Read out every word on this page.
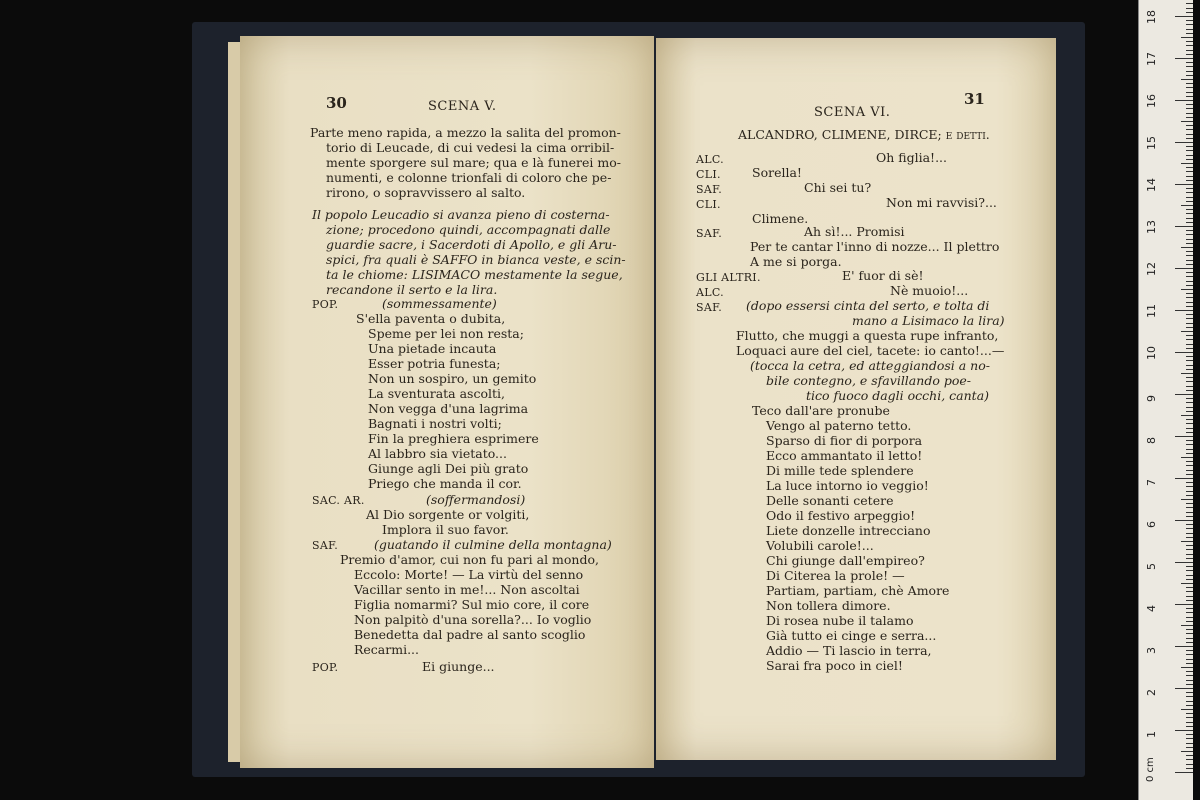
30	SCENA V.
Parte meno rapida, a mezzo la salita del promon-
torio di Leucade, di cui vedesi la cima orribil-
mente sporgere sul mare; qua e là funerei mo-
numenti, e colonne trionfali di coloro che pe-
rirono, o sopravvissero al salto.
Il popolo Leucadio si avanza pieno di costerna-
zione; procedono quindi, accompagnati dalle
guardie sacre, i Sacerdoti di Apollo, e gli Aru-
spici, fra quali è SAFFO in bianca veste, e scin-
ta le chiome: LISIMACO mestamente la segue,
recandone il serto e la lira.
POP.	(sommessamente)
S'ella paventa o dubita,
Speme per lei non resta;
Una pietade incauta
Esser potria funesta;
Non un sospiro, un gemito
La sventurata ascolti,
Non vegga d'una lagrima
Bagnati i nostri volti;
Fin la preghiera esprimere
Al labbro sia vietato...
Giunge agli Dei più grato
Priego che manda il cor.
SAC. AR.	(soffermandosi)
Al Dio sorgente or volgiti,
Implora il suo favor.
SAF.	(guatando il culmine della montagna)
Premio d'amor, cui non fu pari al mondo,
Eccolo: Morte! — La virtù del senno
Vacillar sento in me!... Non ascoltai
Figlia nomarmi? Sul mio core, il core
Non palpitò d'una sorella?... Io voglio
Benedetta dal padre al santo scoglio
Recarmi...
POP.	Ei giunge...
SCENA VI.
31
ALCANDRO, CLIMENE, DIRCE; e detti.
ALC.	Oh figlia!...
CLI. Sorella!
SAF.	Chi sei tu?
CLI.	Non mi ravvisi?...
Climene.
SAF.	Ah sì!... Promisi
Per te cantar l'inno di nozze... Il plettro
A me si porga.
GLI ALTRI.	E' fuor di sè!
ALC.	Nè muoio!...
SAF. (dopo essersi cinta del serto, e tolta di
mano a Lisimaco la lira)
Flutto, che muggi a questa rupe infranto,
Loquaci aure del ciel, tacete: io canto!...—
(tocca la cetra, ed atteggiandosi a no-
bile contegno, e sfavillando poe-
tico fuoco dagli occhi, canta)
Teco dall'are pronube
Vengo al paterno tetto.
Sparso di fior di porpora
Ecco ammantato il letto!
Di mille tede splendere
La luce intorno io veggio!
Delle sonanti cetere
Odo il festivo arpeggio!
Liete donzelle intrecciano
Volubili carole!...
Chi giunge dall'empireo?
Di Citerea la prole! —
Partiam, partiam, chè Amore
Non tollera dimore.
Di rosea nube il talamo
Già tutto ei cinge e serra...
Addio — Ti lascio in terra,
Sarai fra poco in ciel!
0 cm
1
2
3
4
5
6
7
8
9
10
11
12
13
14
15
16
17
18
